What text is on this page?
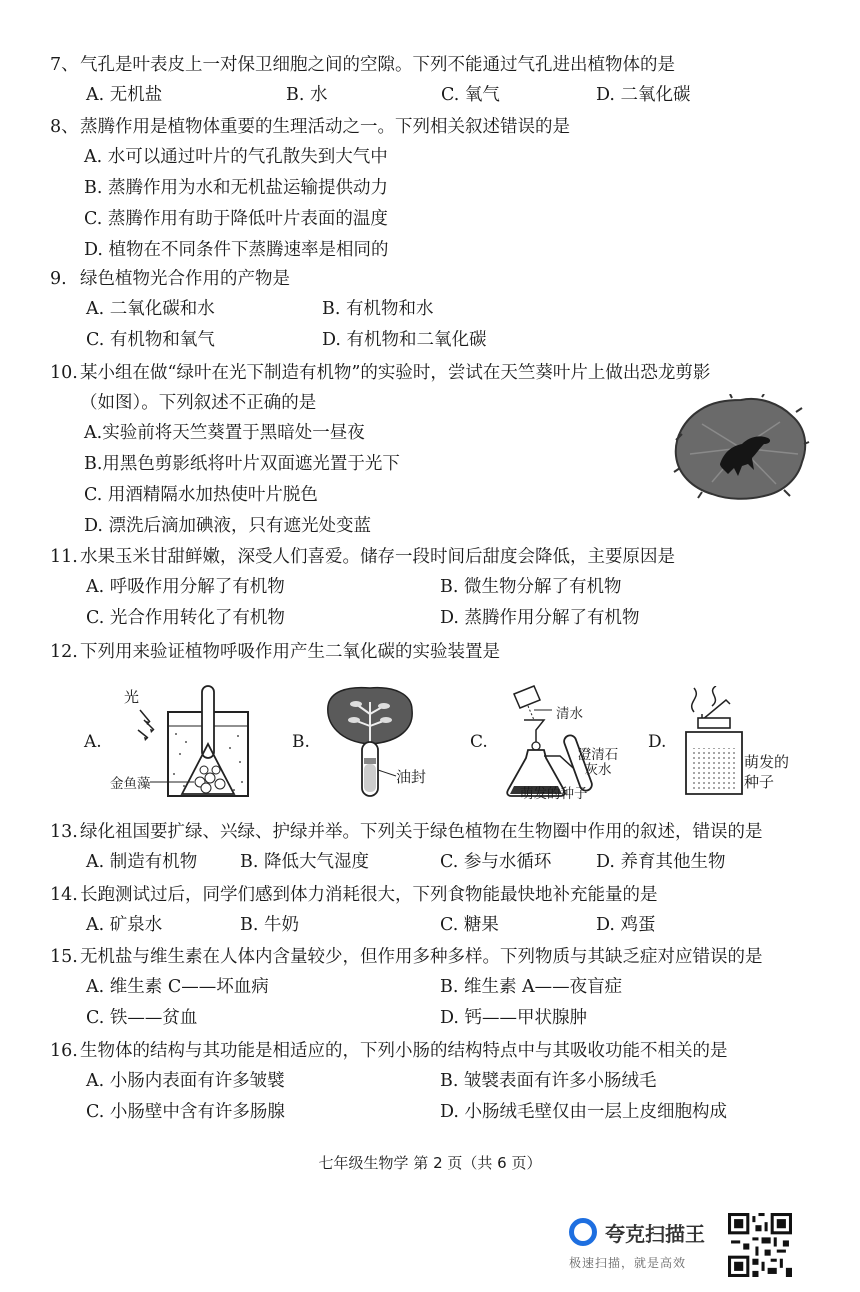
7、气孔是叶表皮上一对保卫细胞之间的空隙。下列不能通过气孔进出植物体的是
A. 无机盐	B. 水	C. 氧气	D. 二氧化碳
8、蒸腾作用是植物体重要的生理活动之一。下列相关叙述错误的是
A. 水可以通过叶片的气孔散失到大气中
B. 蒸腾作用为水和无机盐运输提供动力
C. 蒸腾作用有助于降低叶片表面的温度
D. 植物在不同条件下蒸腾速率是相同的
9. 绿色植物光合作用的产物是
A. 二氧化碳和水	B. 有机物和水
C. 有机物和氧气	D. 有机物和二氧化碳
10. 某小组在做“绿叶在光下制造有机物”的实验时，尝试在天竺葵叶片上做出恐龙剪影
（如图）。下列叙述不正确的是
A.实验前将天竺葵置于黑暗处一昼夜
B.用黑色剪影纸将叶片双面遮光置于光下
C. 用酒精隔水加热使叶片脱色
D. 漂洗后滴加碘液，只有遮光处变蓝
11. 水果玉米甘甜鲜嫩，深受人们喜爱。储存一段时间后甜度会降低，主要原因是
A. 呼吸作用分解了有机物	B. 微生物分解了有机物
C. 光合作用转化了有机物	D. 蒸腾作用分解了有机物
12. 下列用来验证植物呼吸作用产生二氧化碳的实验装置是
A.	B.	C.	D.
光
金鱼藻	油封
清水
澄清石灰水
萌发的种子
萌发的种子
13. 绿化祖国要扩绿、兴绿、护绿并举。下列关于绿色植物在生物圈中作用的叙述，错误的是
A. 制造有机物 B. 降低大气湿度	C. 参与水循环	D. 养育其他生物
14. 长跑测试过后，同学们感到体力消耗很大，下列食物能最快地补充能量的是
A. 矿泉水	B. 牛奶	C. 糖果	D. 鸡蛋
15. 无机盐与维生素在人体内含量较少，但作用多种多样。下列物质与其缺乏症对应错误的是
A. 维生素 C——坏血病	B. 维生素 A——夜盲症
C. 铁——贫血	D. 钙——甲状腺肿
16. 生物体的结构与其功能是相适应的，下列小肠的结构特点中与其吸收功能不相关的是
A. 小肠内表面有许多皱襞	B. 皱襞表面有许多小肠绒毛
C. 小肠壁中含有许多肠腺	D. 小肠绒毛壁仅由一层上皮细胞构成
七年级生物学 第 2 页（共 6 页）
夸克扫描王
极速扫描，就是高效
